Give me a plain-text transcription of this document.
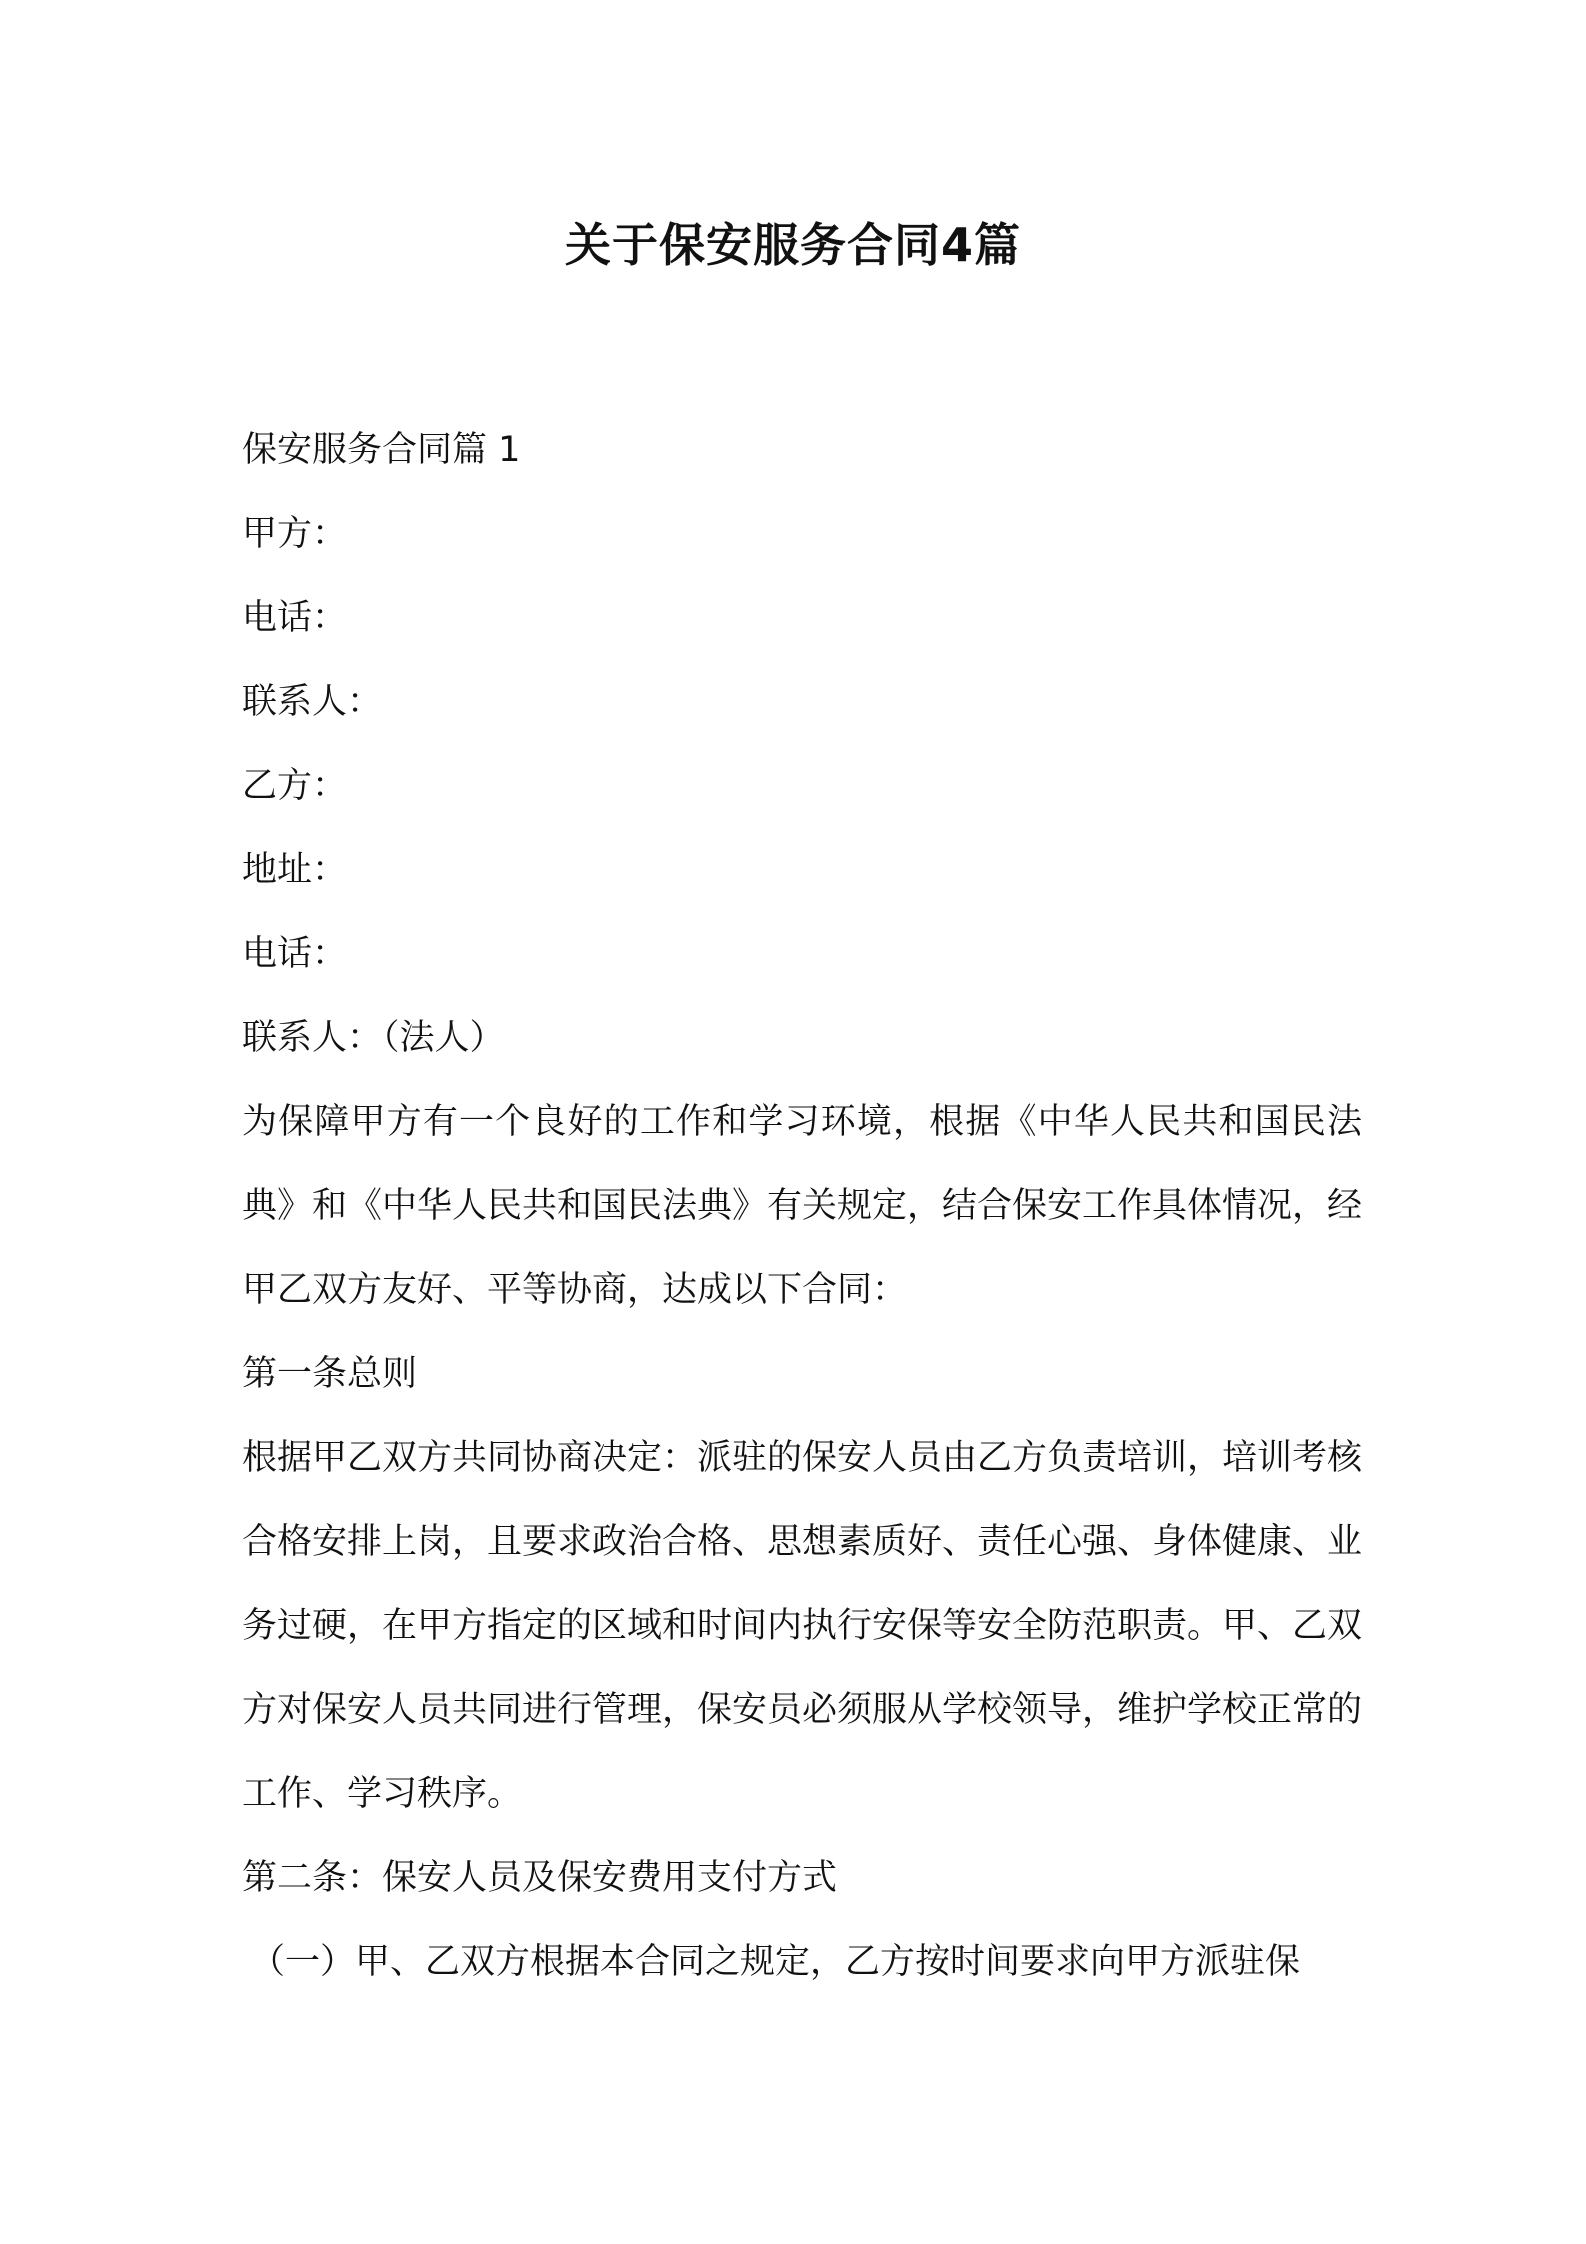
关于保安服务合同4篇
保安服务合同篇 1
甲方：
电话：
联系人：
乙方：
地址：
电话：
联系人：（法人）
为保障甲方有一个良好的工作和学习环境，根据《中华人民共和国民法典》和《中华人民共和国民法典》有关规定，结合保安工作具体情况，经甲乙双方友好、平等协商，达成以下合同：
第一条总则
根据甲乙双方共同协商决定：派驻的保安人员由乙方负责培训，培训考核合格安排上岗，且要求政治合格、思想素质好、责任心强、身体健康、业务过硬，在甲方指定的区域和时间内执行安保等安全防范职责。甲、乙双方对保安人员共同进行管理，保安员必须服从学校领导，维护学校正常的工作、学习秩序。
第二条：保安人员及保安费用支付方式
（一）甲、乙双方根据本合同之规定，乙方按时间要求向甲方派驻保
